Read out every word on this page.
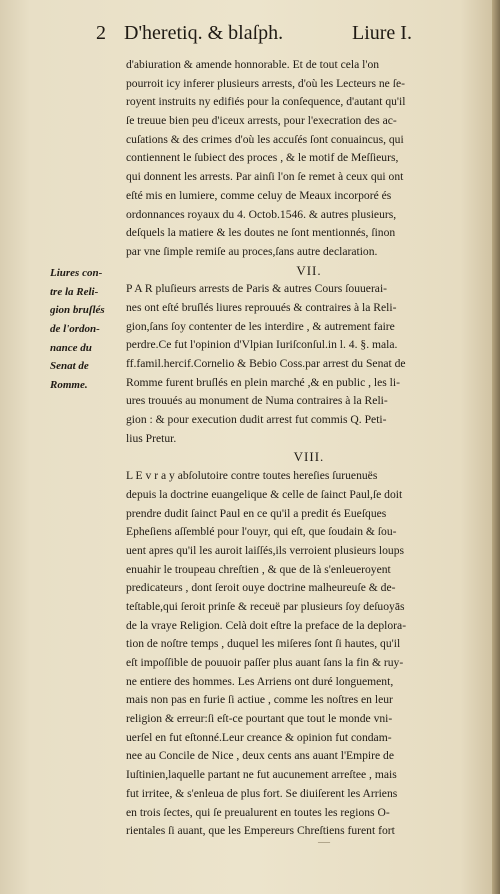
2 D'heretiq. & blaſph.	Liure I.
Liures con-
tre la Reli-
gion bruſlés
de l'ordon-
nance du
Senat de
Romme.
d'abiuration & amende honnorable. Et de tout cela l'on
pourroit icy inferer plusieurs arrests, d'où les Lecteurs ne ſe-
royent instruits ny edifiés pour la conſequence, d'autant qu'il
ſe treuue bien peu d'iceux arrests, pour l'execration des ac-
cuſations & des crimes d'où les accuſés ſont conuaincus, qui
contiennent le ſubiect des proces , & le motif de Meſſieurs,
qui donnent les arrests. Par ainſi l'on ſe remet à ceux qui ont
eſté mis en lumiere, comme celuy de Meaux incorporé és
ordonnances royaux du 4. Octob.1546. & autres plusieurs,
deſquels la matiere & les doutes ne ſont mentionnés, ſinon
par vne ſimple remiſe au proces,ſans autre declaration.
VII.
P A R pluſieurs arrests de Paris & autres Cours ſouuerai-
nes ont eſté bruſlés liures reprouués & contraires à la Reli-
gion,ſans ſoy contenter de les interdire , & autrement faire
perdre.Ce fut l'opinion d'Vlpian Iuriſconſul.in l. 4. §. mala.
ff.famil.hercif.Cornelio & Bebio Coss.par arrest du Senat de
Romme furent bruſlés en plein marché ,& en public , les li-
ures trouués au monument de Numa contraires à la Reli-
gion : & pour execution dudit arrest fut commis Q. Peti-
lius Pretur.
VIII.
L E v r a y abſolutoire contre toutes hereſies ſuruenuës
depuis la doctrine euangelique & celle de ſainct Paul,ſe doit
prendre dudit ſainct Paul en ce qu'il a predit és Eueſques
Epheſiens aſſemblé pour l'ouyr, qui eſt, que ſoudain & ſou-
uent apres qu'il les auroit laiſſés,ils verroient plusieurs loups
enuahir le troupeau chreſtien , & que de là s'enleueroyent
predicateurs , dont ſeroit ouye doctrine malheureuſe & de-
teſtable,qui ſeroit prinſe & receuë par plusieurs ſoy deſuoyās
de la vraye Religion. Celà doit eſtre la preface de la deplora-
tion de noſtre temps , duquel les miſeres ſont ſi hautes, qu'il
eſt impoſſible de pouuoir paſſer plus auant ſans la fin & ruy-
ne entiere des hommes. Les Arriens ont duré longuement,
mais non pas en furie ſi actiue , comme les noſtres en leur
religion & erreur:ſi eſt-ce pourtant que tout le monde vni-
uerſel en fut eſtonné.Leur creance & opinion fut condam-
nee au Concile de Nice , deux cents ans auant l'Empire de
Iuſtinien,laquelle partant ne fut aucunement arreſtee , mais
fut irritee, & s'enleua de plus fort. Se diuiſerent les Arriens
en trois ſectes, qui ſe preualurent en toutes les regions O-
rientales ſi auant, que les Empereurs Chreſtiens furent fort
—
